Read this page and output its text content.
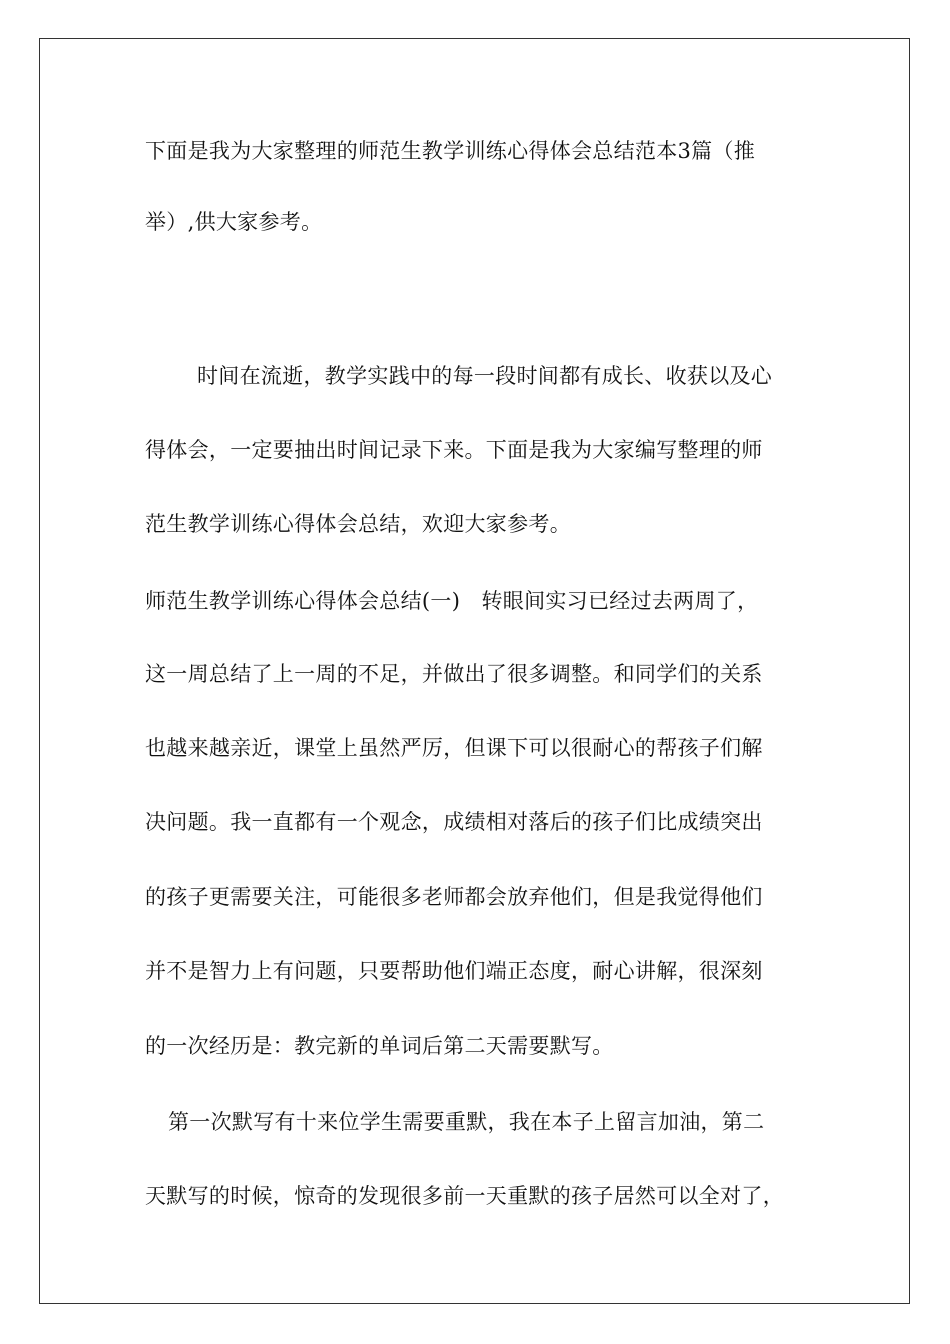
下面是我为大家整理的师范生教学训练心得体会总结范本3篇（推
举）,供大家参考。
时间在流逝，教学实践中的每一段时间都有成长、收获以及心
得体会，一定要抽出时间记录下来。下面是我为大家编写整理的师
范生教学训练心得体会总结，欢迎大家参考。
师范生教学训练心得体会总结(一)　转眼间实习已经过去两周了，
这一周总结了上一周的不足，并做出了很多调整。和同学们的关系
也越来越亲近，课堂上虽然严厉，但课下可以很耐心的帮孩子们解
决问题。我一直都有一个观念，成绩相对落后的孩子们比成绩突出
的孩子更需要关注，可能很多老师都会放弃他们，但是我觉得他们
并不是智力上有问题，只要帮助他们端正态度，耐心讲解，很深刻
的一次经历是：教完新的单词后第二天需要默写。
第一次默写有十来位学生需要重默，我在本子上留言加油，第二
天默写的时候，惊奇的发现很多前一天重默的孩子居然可以全对了，
